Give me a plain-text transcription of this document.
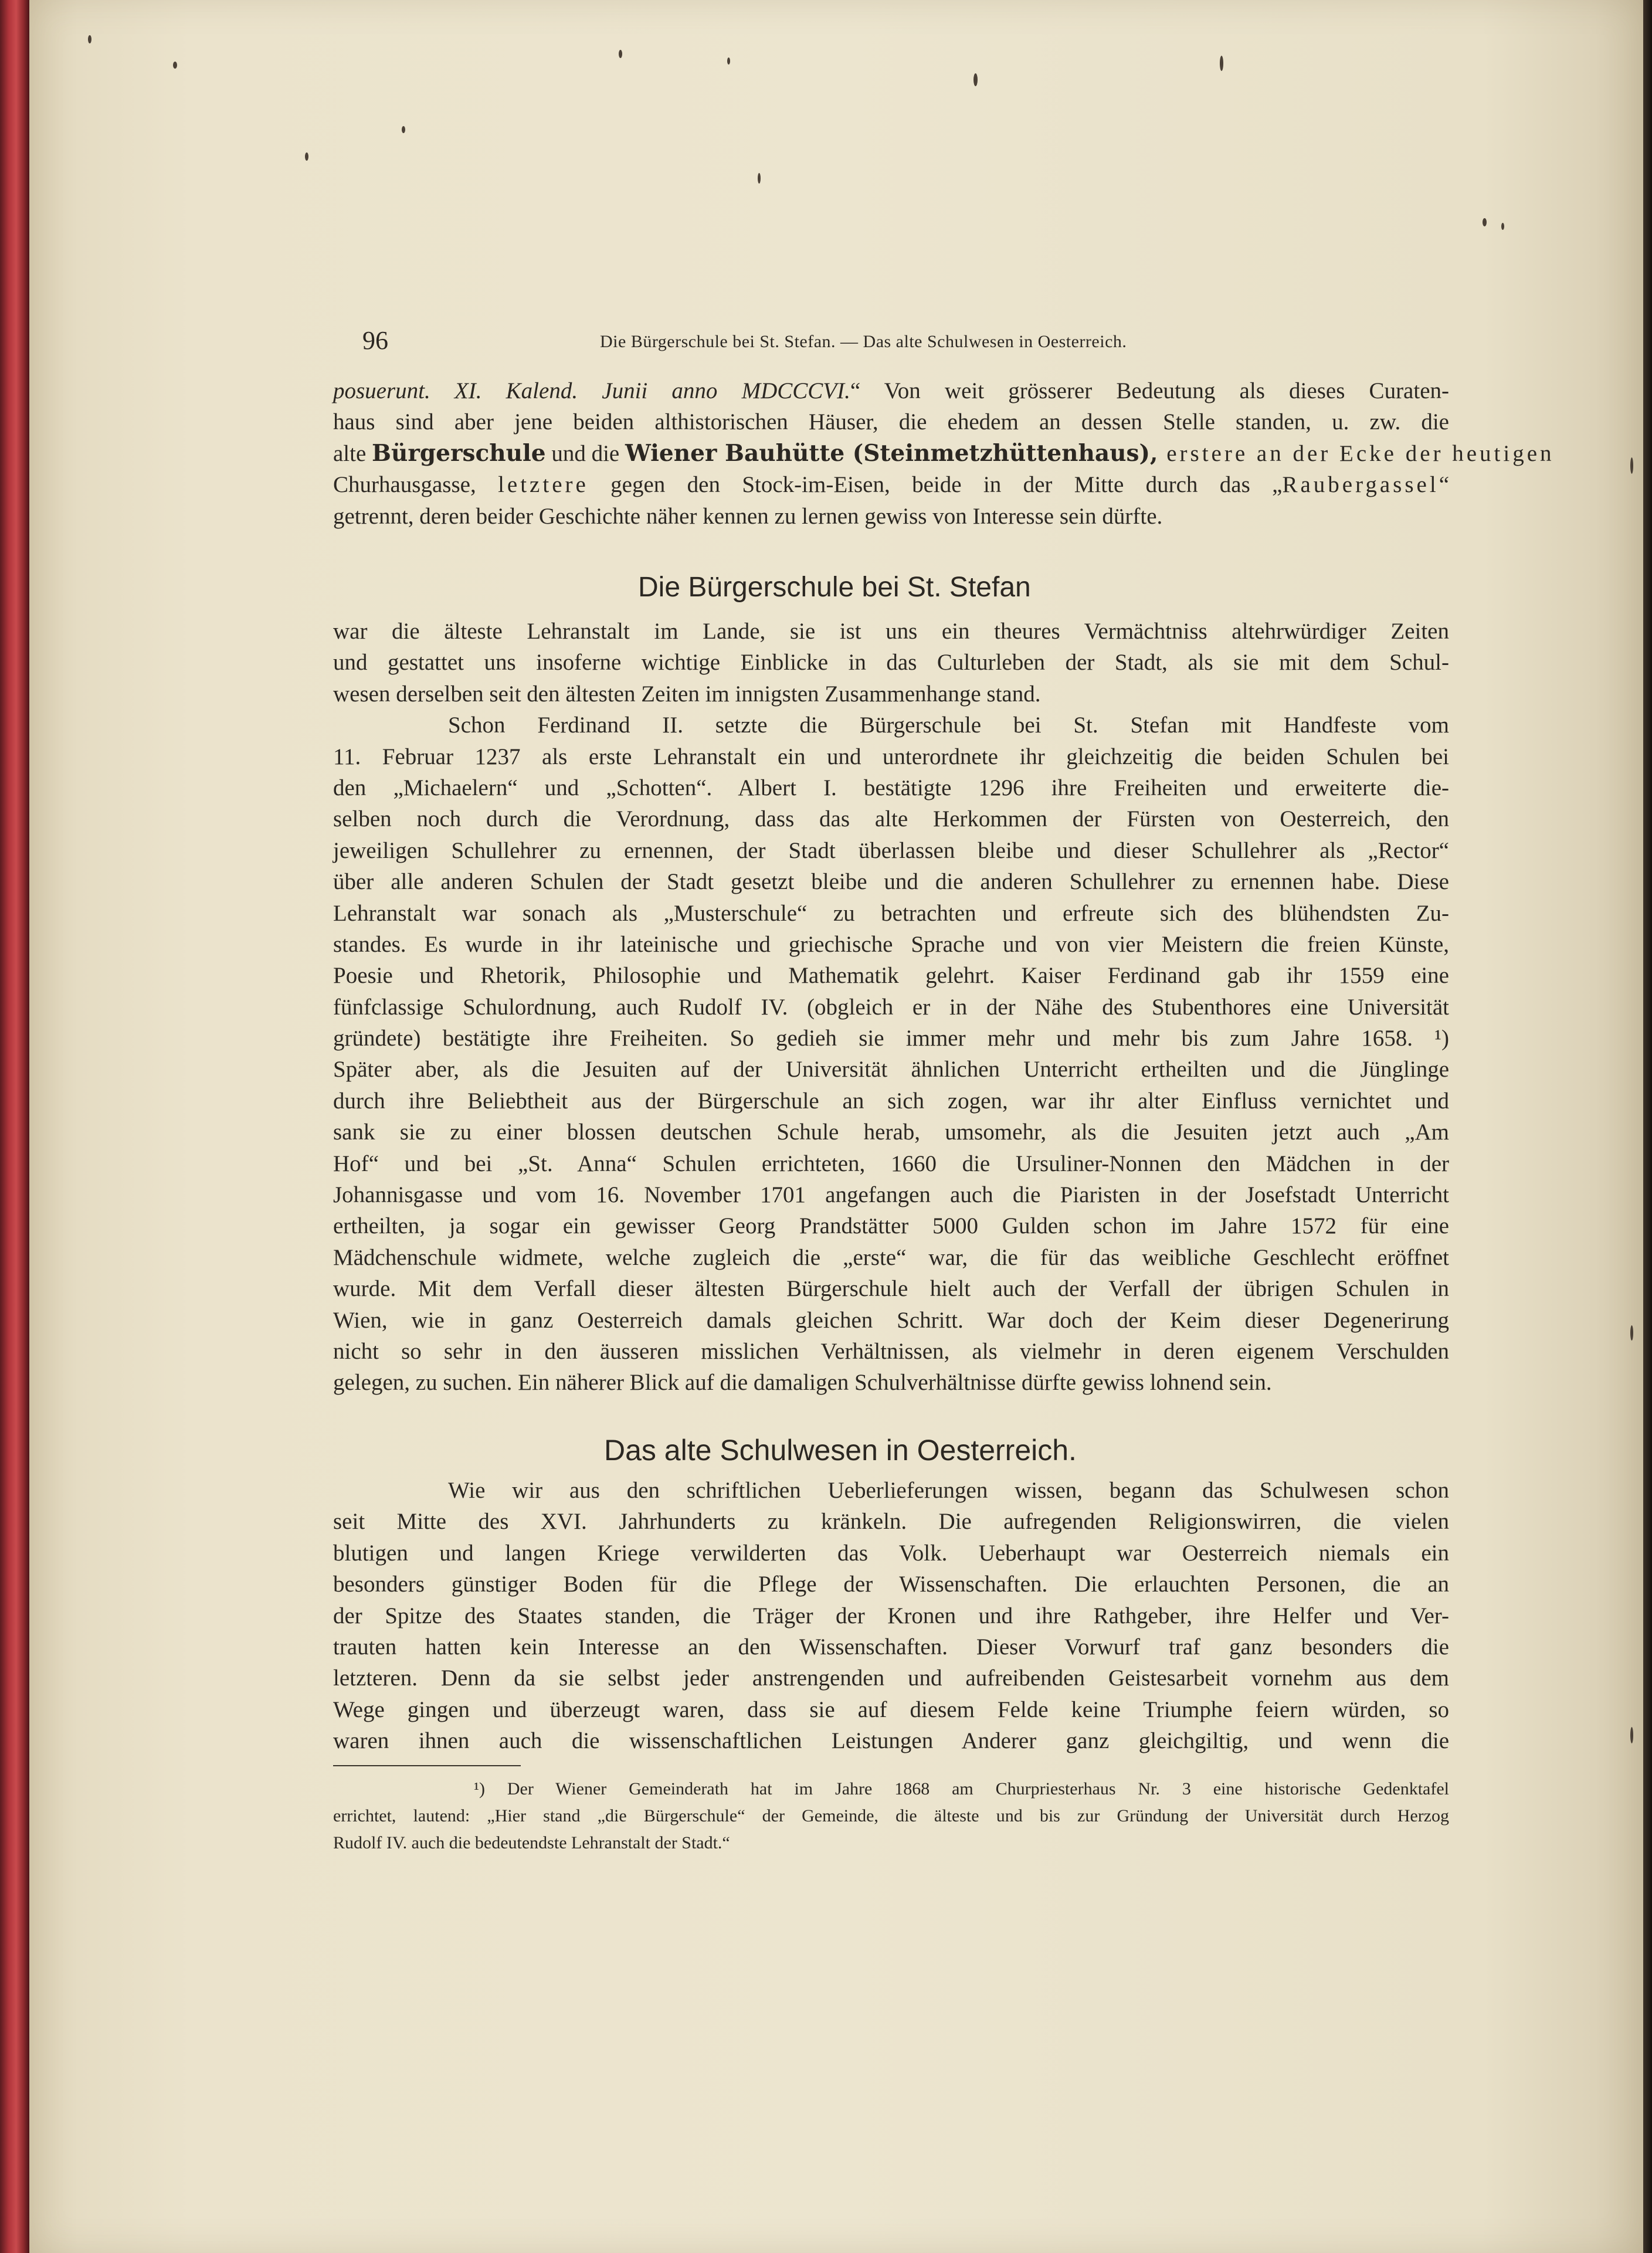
96	Die Bürgerschule bei St. Stefan. — Das alte Schulwesen in Oesterreich.
posuerunt. XI. Kalend. Junii anno MDCCCVI.“ Von weit grösserer Bedeutung als dieses Curaten-
haus sind aber jene beiden althistorischen Häuser, die ehedem an dessen Stelle standen, u. zw. die
alte Bürgerschule und die Wiener Bauhütte (Steinmetzhüttenhaus), erstere an der Ecke der heutigen
Churhausgasse, letztere gegen den Stock-im-Eisen, beide in der Mitte durch das „Raubergassel“
getrennt, deren beider Geschichte näher kennen zu lernen gewiss von Interesse sein dürfte.
Die Bürgerschule bei St. Stefan
war die älteste Lehranstalt im Lande, sie ist uns ein theures Vermächtniss altehrwürdiger Zeiten
und gestattet uns insoferne wichtige Einblicke in das Culturleben der Stadt, als sie mit dem Schul-
wesen derselben seit den ältesten Zeiten im innigsten Zusammenhange stand.
Schon Ferdinand II. setzte die Bürgerschule bei St. Stefan mit Handfeste vom
11. Februar 1237 als erste Lehranstalt ein und unterordnete ihr gleichzeitig die beiden Schulen bei
den „Michaelern“ und „Schotten“. Albert I. bestätigte 1296 ihre Freiheiten und erweiterte die-
selben noch durch die Verordnung, dass das alte Herkommen der Fürsten von Oesterreich, den
jeweiligen Schullehrer zu ernennen, der Stadt überlassen bleibe und dieser Schullehrer als „Rector“
über alle anderen Schulen der Stadt gesetzt bleibe und die anderen Schullehrer zu ernennen habe. Diese
Lehranstalt war sonach als „Musterschule“ zu betrachten und erfreute sich des blühendsten Zu-
standes. Es wurde in ihr lateinische und griechische Sprache und von vier Meistern die freien Künste,
Poesie und Rhetorik, Philosophie und Mathematik gelehrt. Kaiser Ferdinand gab ihr 1559 eine
fünfclassige Schulordnung, auch Rudolf IV. (obgleich er in der Nähe des Stubenthores eine Universität
gründete) bestätigte ihre Freiheiten. So gedieh sie immer mehr und mehr bis zum Jahre 1658. ¹)
Später aber, als die Jesuiten auf der Universität ähnlichen Unterricht ertheilten und die Jünglinge
durch ihre Beliebtheit aus der Bürgerschule an sich zogen, war ihr alter Einfluss vernichtet und
sank sie zu einer blossen deutschen Schule herab, umsomehr, als die Jesuiten jetzt auch „Am
Hof“ und bei „St. Anna“ Schulen errichteten, 1660 die Ursuliner-Nonnen den Mädchen in der
Johannisgasse und vom 16. November 1701 angefangen auch die Piaristen in der Josefstadt Unterricht
ertheilten, ja sogar ein gewisser Georg Prandstätter 5000 Gulden schon im Jahre 1572 für eine
Mädchenschule widmete, welche zugleich die „erste“ war, die für das weibliche Geschlecht eröffnet
wurde. Mit dem Verfall dieser ältesten Bürgerschule hielt auch der Verfall der übrigen Schulen in
Wien, wie in ganz Oesterreich damals gleichen Schritt. War doch der Keim dieser Degenerirung
nicht so sehr in den äusseren misslichen Verhältnissen, als vielmehr in deren eigenem Verschulden
gelegen, zu suchen. Ein näherer Blick auf die damaligen Schulverhältnisse dürfte gewiss lohnend sein.
Das alte Schulwesen in Oesterreich.
Wie wir aus den schriftlichen Ueberlieferungen wissen, begann das Schulwesen schon
seit Mitte des XVI. Jahrhunderts zu kränkeln. Die aufregenden Religionswirren, die vielen
blutigen und langen Kriege verwilderten das Volk. Ueberhaupt war Oesterreich niemals ein
besonders günstiger Boden für die Pflege der Wissenschaften. Die erlauchten Personen, die an
der Spitze des Staates standen, die Träger der Kronen und ihre Rathgeber, ihre Helfer und Ver-
trauten hatten kein Interesse an den Wissenschaften. Dieser Vorwurf traf ganz besonders die
letzteren. Denn da sie selbst jeder anstrengenden und aufreibenden Geistesarbeit vornehm aus dem
Wege gingen und überzeugt waren, dass sie auf diesem Felde keine Triumphe feiern würden, so
waren ihnen auch die wissenschaftlichen Leistungen Anderer ganz gleichgiltig, und wenn die
¹) Der Wiener Gemeinderath hat im Jahre 1868 am Churpriesterhaus Nr. 3 eine historische Gedenktafel
errichtet, lautend: „Hier stand „die Bürgerschule“ der Gemeinde, die älteste und bis zur Gründung der Universität durch Herzog
Rudolf IV. auch die bedeutendste Lehranstalt der Stadt.“
